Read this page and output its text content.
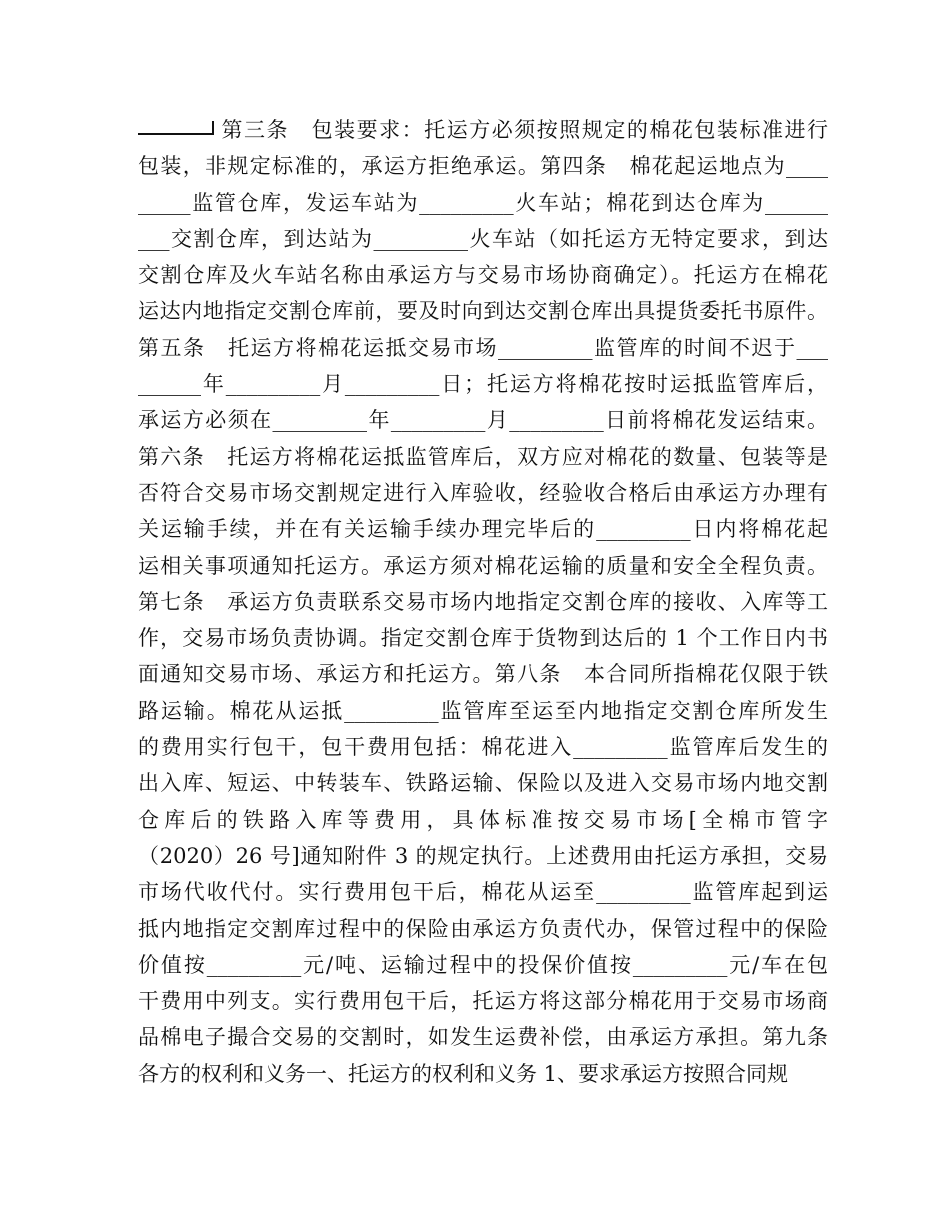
第三条　包装要求：托运方必须按照规定的棉花包装标准进行
包装，非规定标准的，承运方拒绝承运。第四条　棉花起运地点为____
_____监管仓库，发运车站为_________火车站；棉花到达仓库为______
___交割仓库，到达站为_________火车站（如托运方无特定要求，到达
交割仓库及火车站名称由承运方与交易市场协商确定）。托运方在棉花
运达内地指定交割仓库前，要及时向到达交割仓库出具提货委托书原件。
第五条　托运方将棉花运抵交易市场_________监管库的时间不迟于___
______年_________月_________日；托运方将棉花按时运抵监管库后，
承运方必须在_________年_________月_________日前将棉花发运结束。
第六条　托运方将棉花运抵监管库后，双方应对棉花的数量、包装等是
否符合交易市场交割规定进行入库验收，经验收合格后由承运方办理有
关运输手续，并在有关运输手续办理完毕后的_________日内将棉花起
运相关事项通知托运方。承运方须对棉花运输的质量和安全全程负责。
第七条　承运方负责联系交易市场内地指定交割仓库的接收、入库等工
作，交易市场负责协调。指定交割仓库于货物到达后的 1 个工作日内书
面通知交易市场、承运方和托运方。第八条　本合同所指棉花仅限于铁
路运输。棉花从运抵_________监管库至运至内地指定交割仓库所发生
的费用实行包干，包干费用包括：棉花进入_________监管库后发生的
出入库、短运、中转装车、铁路运输、保险以及进入交易市场内地交割
仓库后的铁路入库等费用，具体标准按交易市场[全棉市管字
（2020）26 号]通知附件 3 的规定执行。上述费用由托运方承担，交易
市场代收代付。实行费用包干后，棉花从运至_________监管库起到运
抵内地指定交割库过程中的保险由承运方负责代办，保管过程中的保险
价值按_________元/吨、运输过程中的投保价值按_________元/车在包
干费用中列支。实行费用包干后，托运方将这部分棉花用于交易市场商
品棉电子撮合交易的交割时，如发生运费补偿，由承运方承担。第九条
各方的权利和义务一、托运方的权利和义务 1、要求承运方按照合同规
